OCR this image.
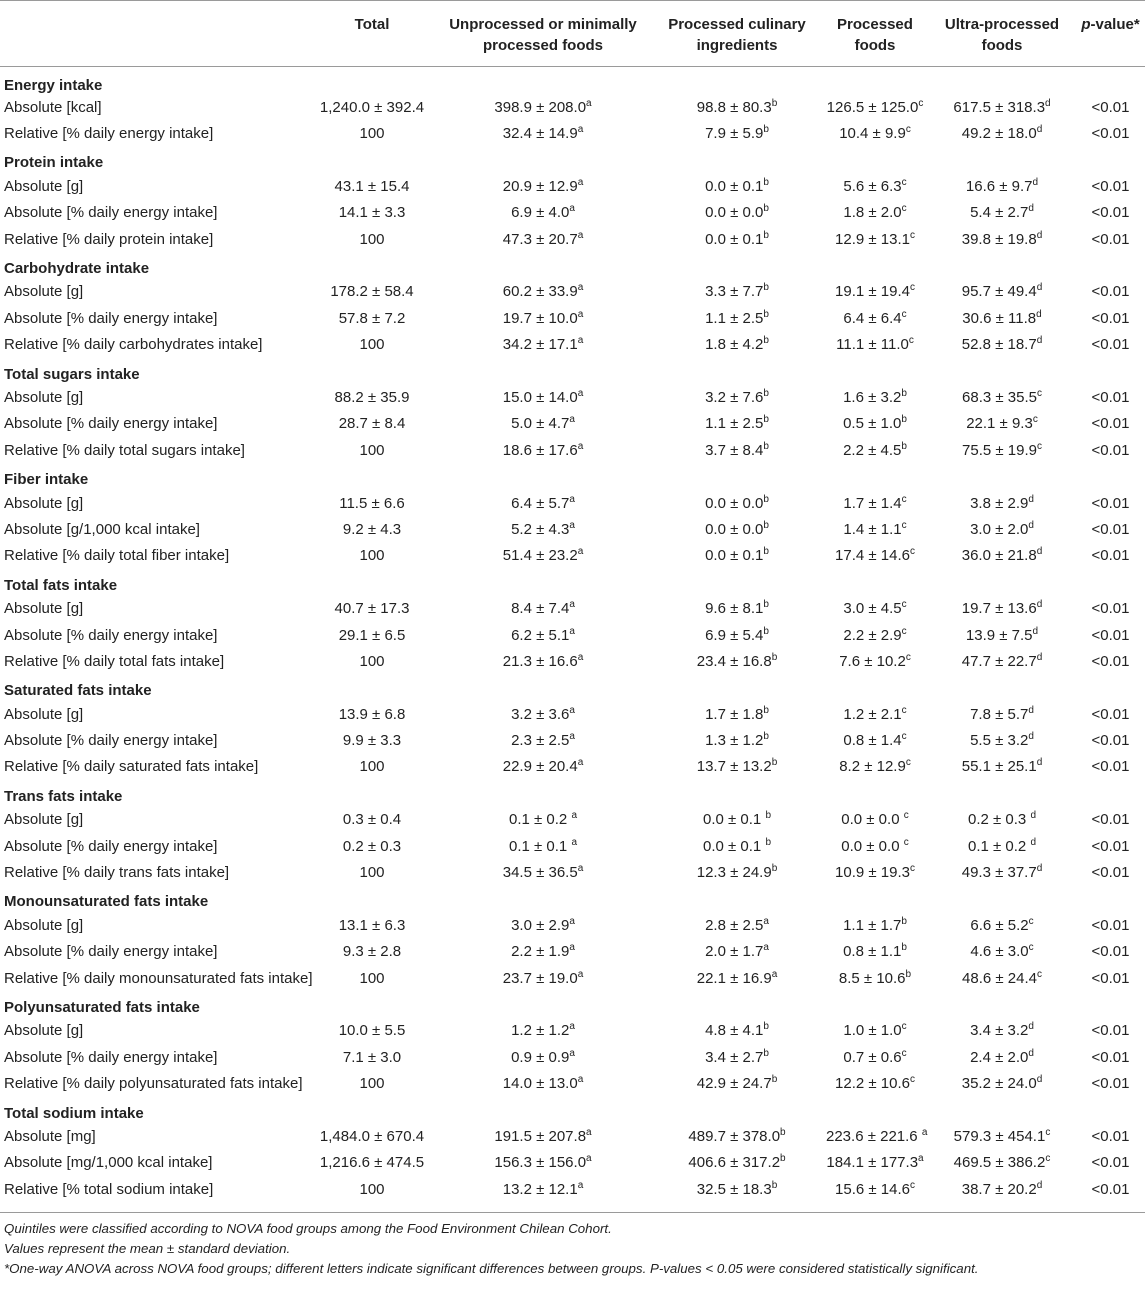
	Total	Unprocessed or minimally processed foods	Processed culinary ingredients	Processed foods	Ultra-processed foods	p-value*
Energy intake						
Absolute [kcal]	1,240.0 ± 392.4	398.9 ± 208.0$^a$	98.8 ± 80.3$^b$	126.5 ± 125.0$^c$	617.5 ± 318.3$^d$	<0.01
Relative [% daily energy intake]	100	32.4 ± 14.9$^a$	7.9 ± 5.9$^b$	10.4 ± 9.9$^c$	49.2 ± 18.0$^d$	<0.01
Protein intake						
Absolute [g]	43.1 ± 15.4	20.9 ± 12.9$^a$	0.0 ± 0.1$^b$	5.6 ± 6.3$^c$	16.6 ± 9.7$^d$	<0.01
Absolute [% daily energy intake]	14.1 ± 3.3	6.9 ± 4.0$^a$	0.0 ± 0.0$^b$	1.8 ± 2.0$^c$	5.4 ± 2.7$^d$	<0.01
Relative [% daily protein intake]	100	47.3 ± 20.7$^a$	0.0 ± 0.1$^b$	12.9 ± 13.1$^c$	39.8 ± 19.8$^d$	<0.01
Carbohydrate intake						
Absolute [g]	178.2 ± 58.4	60.2 ± 33.9$^a$	3.3 ± 7.7$^b$	19.1 ± 19.4$^c$	95.7 ± 49.4$^d$	<0.01
Absolute [% daily energy intake]	57.8 ± 7.2	19.7 ± 10.0$^a$	1.1 ± 2.5$^b$	6.4 ± 6.4$^c$	30.6 ± 11.8$^d$	<0.01
Relative [% daily carbohydrates intake]	100	34.2 ± 17.1$^a$	1.8 ± 4.2$^b$	11.1 ± 11.0$^c$	52.8 ± 18.7$^d$	<0.01
Total sugars intake						
Absolute [g]	88.2 ± 35.9	15.0 ± 14.0$^a$	3.2 ± 7.6$^b$	1.6 ± 3.2$^b$	68.3 ± 35.5$^c$	<0.01
Absolute [% daily energy intake]	28.7 ± 8.4	5.0 ± 4.7$^a$	1.1 ± 2.5$^b$	0.5 ± 1.0$^b$	22.1 ± 9.3$^c$	<0.01
Relative [% daily total sugars intake]	100	18.6 ± 17.6$^a$	3.7 ± 8.4$^b$	2.2 ± 4.5$^b$	75.5 ± 19.9$^c$	<0.01
Fiber intake						
Absolute [g]	11.5 ± 6.6	6.4 ± 5.7$^a$	0.0 ± 0.0$^b$	1.7 ± 1.4$^c$	3.8 ± 2.9$^d$	<0.01
Absolute [g/1,000 kcal intake]	9.2 ± 4.3	5.2 ± 4.3$^a$	0.0 ± 0.0$^b$	1.4 ± 1.1$^c$	3.0 ± 2.0$^d$	<0.01
Relative [% daily total fiber intake]	100	51.4 ± 23.2$^a$	0.0 ± 0.1$^b$	17.4 ± 14.6$^c$	36.0 ± 21.8$^d$	<0.01
Total fats intake						
Absolute [g]	40.7 ± 17.3	8.4 ± 7.4$^a$	9.6 ± 8.1$^b$	3.0 ± 4.5$^c$	19.7 ± 13.6$^d$	<0.01
Absolute [% daily energy intake]	29.1 ± 6.5	6.2 ± 5.1$^a$	6.9 ± 5.4$^b$	2.2 ± 2.9$^c$	13.9 ± 7.5$^d$	<0.01
Relative [% daily total fats intake]	100	21.3 ± 16.6$^a$	23.4 ± 16.8$^b$	7.6 ± 10.2$^c$	47.7 ± 22.7$^d$	<0.01
Saturated fats intake						
Absolute [g]	13.9 ± 6.8	3.2 ± 3.6$^a$	1.7 ± 1.8$^b$	1.2 ± 2.1$^c$	7.8 ± 5.7$^d$	<0.01
Absolute [% daily energy intake]	9.9 ± 3.3	2.3 ± 2.5$^a$	1.3 ± 1.2$^b$	0.8 ± 1.4$^c$	5.5 ± 3.2$^d$	<0.01
Relative [% daily saturated fats intake]	100	22.9 ± 20.4$^a$	13.7 ± 13.2$^b$	8.2 ± 12.9$^c$	55.1 ± 25.1$^d$	<0.01
Trans fats intake						
Absolute [g]	0.3 ± 0.4	0.1 ± 0.2 $^a$	0.0 ± 0.1 $^b$	0.0 ± 0.0 $^c$	0.2 ± 0.3 $^d$	<0.01
Absolute [% daily energy intake]	0.2 ± 0.3	0.1 ± 0.1 $^a$	0.0 ± 0.1 $^b$	0.0 ± 0.0 $^c$	0.1 ± 0.2 $^d$	<0.01
Relative [% daily trans fats intake]	100	34.5 ± 36.5$^a$	12.3 ± 24.9$^b$	10.9 ± 19.3$^c$	49.3 ± 37.7$^d$	<0.01
Monounsaturated fats intake						
Absolute [g]	13.1 ± 6.3	3.0 ± 2.9$^a$	2.8 ± 2.5$^a$	1.1 ± 1.7$^b$	6.6 ± 5.2$^c$	<0.01
Absolute [% daily energy intake]	9.3 ± 2.8	2.2 ± 1.9$^a$	2.0 ± 1.7$^a$	0.8 ± 1.1$^b$	4.6 ± 3.0$^c$	<0.01
Relative [% daily monounsaturated fats intake]	100	23.7 ± 19.0$^a$	22.1 ± 16.9$^a$	8.5 ± 10.6$^b$	48.6 ± 24.4$^c$	<0.01
Polyunsaturated fats intake						
Absolute [g]	10.0 ± 5.5	1.2 ± 1.2$^a$	4.8 ± 4.1$^b$	1.0 ± 1.0$^c$	3.4 ± 3.2$^d$	<0.01
Absolute [% daily energy intake]	7.1 ± 3.0	0.9 ± 0.9$^a$	3.4 ± 2.7$^b$	0.7 ± 0.6$^c$	2.4 ± 2.0$^d$	<0.01
Relative [% daily polyunsaturated fats intake]	100	14.0 ± 13.0$^a$	42.9 ± 24.7$^b$	12.2 ± 10.6$^c$	35.2 ± 24.0$^d$	<0.01
Total sodium intake						
Absolute [mg]	1,484.0 ± 670.4	191.5 ± 207.8$^a$	489.7 ± 378.0$^b$	223.6 ± 221.6 $^a$	579.3 ± 454.1$^c$	<0.01
Absolute [mg/1,000 kcal intake]	1,216.6 ± 474.5	156.3 ± 156.0$^a$	406.6 ± 317.2$^b$	184.1 ± 177.3$^a$	469.5 ± 386.2$^c$	<0.01
Relative [% total sodium intake]	100	13.2 ± 12.1$^a$	32.5 ± 18.3$^b$	15.6 ± 14.6$^c$	38.7 ± 20.2$^d$	<0.01
Quintiles were classified according to NOVA food groups among the Food Environment Chilean Cohort.
Values represent the mean ± standard deviation.
*One-way ANOVA across NOVA food groups; different letters indicate significant differences between groups. P-values < 0.05 were considered statistically significant.
